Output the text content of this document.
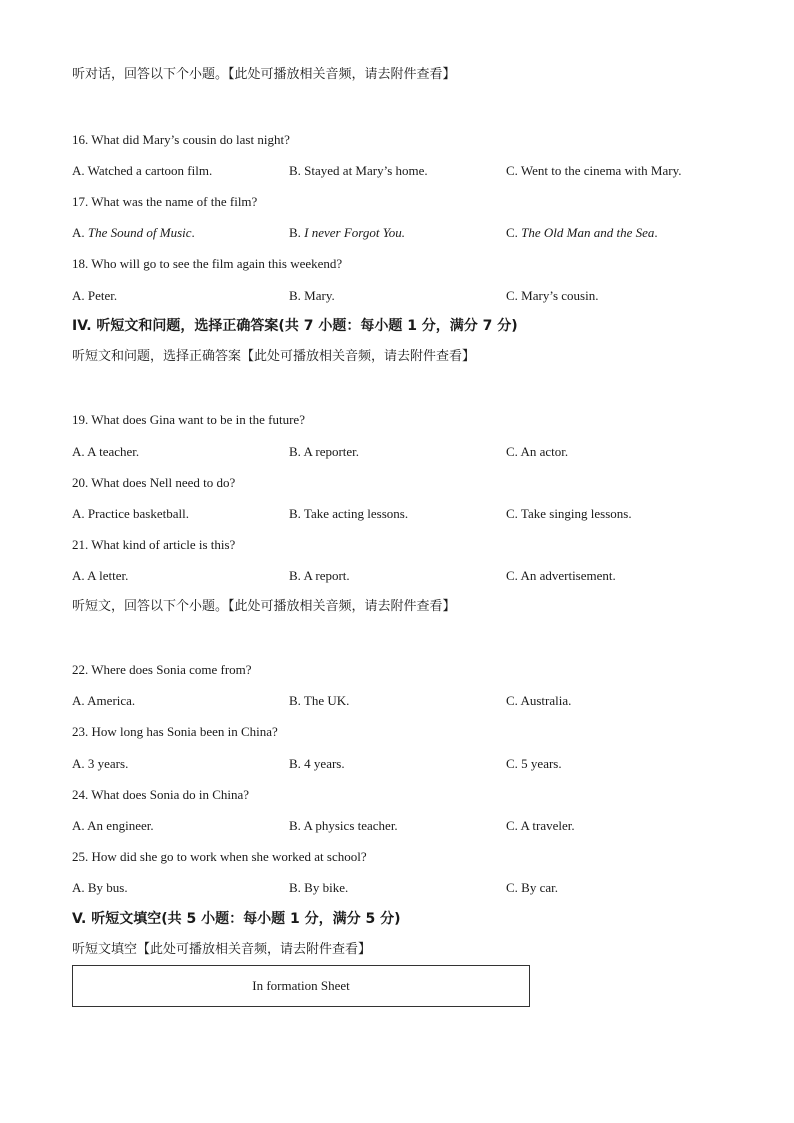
听对话，回答以下个小题。【此处可播放相关音频，请去附件查看】
16. What did Mary’s cousin do last night?
A. Watched a cartoon film.	B. Stayed at Mary’s home.	C. Went to the cinema with Mary.
17. What was the name of the film?
A. The Sound of Music.	B. I never Forgot You.	C. The Old Man and the Sea.
18. Who will go to see the film again this weekend?
A. Peter.	B. Mary.	C. Mary’s cousin.
IV. 听短文和问题，选择正确答案(共 7 小题：每小题 1 分，满分 7 分)
听短文和问题，选择正确答案【此处可播放相关音频，请去附件查看】
19. What does Gina want to be in the future?
A. A teacher.	B. A reporter.	C. An actor.
20. What does Nell need to do?
A. Practice basketball.	B. Take acting lessons.	C. Take singing lessons.
21. What kind of article is this?
A. A letter.	B. A report.	C. An advertisement.
听短文，回答以下个小题。【此处可播放相关音频，请去附件查看】
22. Where does Sonia come from?
A. America.	B. The UK.	C. Australia.
23. How long has Sonia been in China?
A. 3 years.	B. 4 years.	C. 5 years.
24. What does Sonia do in China?
A. An engineer.	B. A physics teacher.	C. A traveler.
25. How did she go to work when she worked at school?
A. By bus.	B. By bike.	C. By car.
V. 听短文填空(共 5 小题：每小题 1 分，满分 5 分)
听短文填空【此处可播放相关音频，请去附件查看】
In formation Sheet
